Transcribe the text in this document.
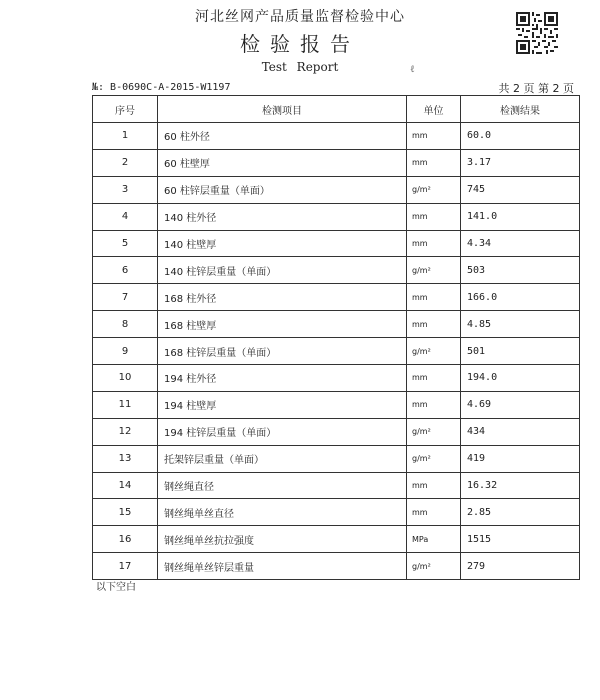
河北丝网产品质量监督检验中心
检验报告
Test Report	ℓ
№: B-0690C-A-2015-W1197	共 2 页 第 2 页
序号	检测项目	单位	检测结果
1	60 柱外径	mm	60.0
2	60 柱壁厚	mm	3.17
3	60 柱锌层重量（单面）	g/m²	745
4	140 柱外径	mm	141.0
5	140 柱壁厚	mm	4.34
6	140 柱锌层重量（单面）	g/m²	503
7	168 柱外径	mm	166.0
8	168 柱壁厚	mm	4.85
9	168 柱锌层重量（单面）	g/m²	501
10	194 柱外径	mm	194.0
11	194 柱壁厚	mm	4.69
12	194 柱锌层重量（单面）	g/m²	434
13	托架锌层重量（单面）	g/m²	419
14	钢丝绳直径	mm	16.32
15	钢丝绳单丝直径	mm	2.85
16	钢丝绳单丝抗拉强度	MPa	1515
17	钢丝绳单丝锌层重量	g/m²	279
以下空白
